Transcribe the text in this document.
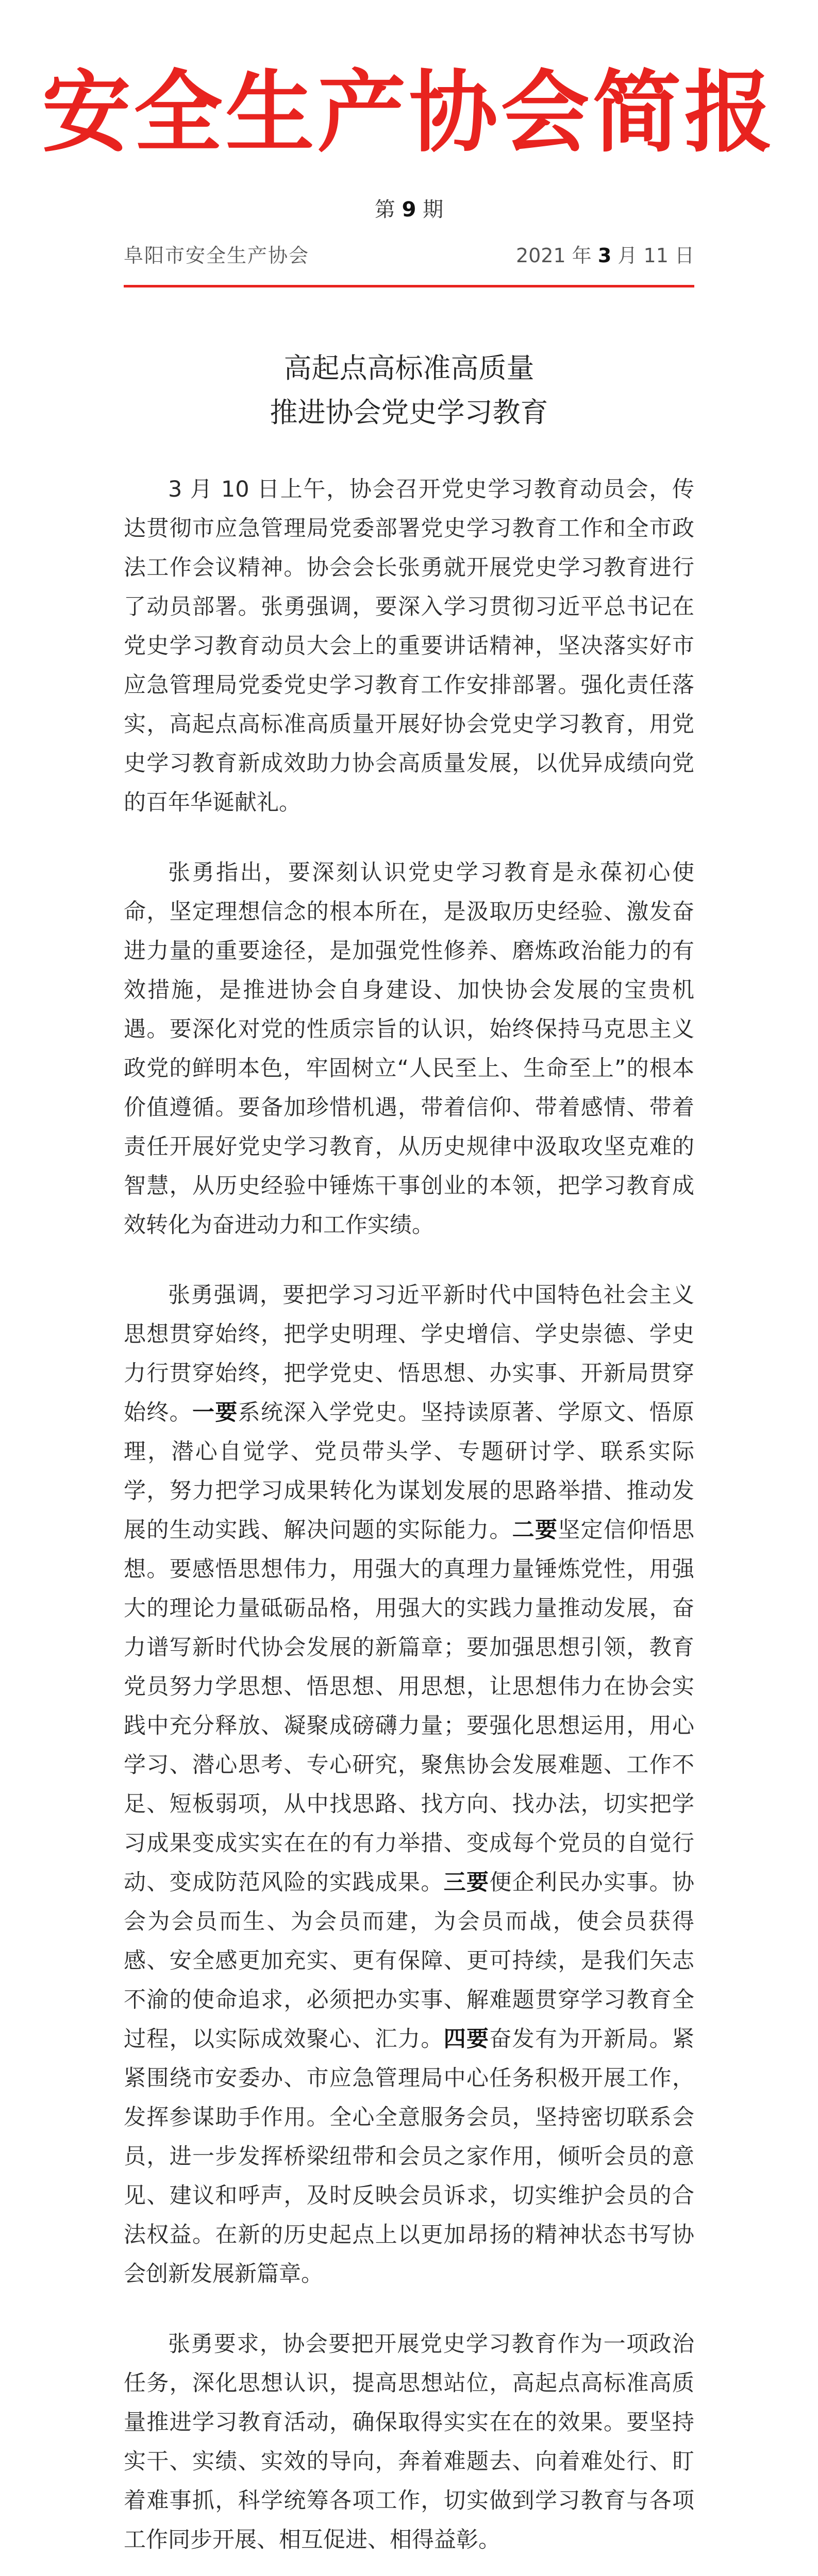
安全生产协会简报
第 9 期
阜阳市安全生产协会	2021 年 3 月 11 日
高起点高标准高质量
推进协会党史学习教育

3 月 10 日上午，协会召开党史学习教育动员会，传达贯彻市应急管理局党委部署党史学习教育工作和全市政法工作会议精神。协会会长张勇就开展党史学习教育进行了动员部署。张勇强调，要深入学习贯彻习近平总书记在党史学习教育动员大会上的重要讲话精神，坚决落实好市应急管理局党委党史学习教育工作安排部署。强化责任落实，高起点高标准高质量开展好协会党史学习教育，用党史学习教育新成效助力协会高质量发展，以优异成绩向党的百年华诞献礼。

张勇指出，要深刻认识党史学习教育是永葆初心使命，坚定理想信念的根本所在，是汲取历史经验、激发奋进力量的重要途径，是加强党性修养、磨炼政治能力的有效措施，是推进协会自身建设、加快协会发展的宝贵机遇。要深化对党的性质宗旨的认识，始终保持马克思主义政党的鲜明本色，牢固树立“人民至上、生命至上”的根本价值遵循。要备加珍惜机遇，带着信仰、带着感情、带着责任开展好党史学习教育，从历史规律中汲取攻坚克难的智慧，从历史经验中锤炼干事创业的本领，把学习教育成效转化为奋进动力和工作实绩。

张勇强调，要把学习习近平新时代中国特色社会主义思想贯穿始终，把学史明理、学史增信、学史崇德、学史力行贯穿始终，把学党史、悟思想、办实事、开新局贯穿始终。一要系统深入学党史。坚持读原著、学原文、悟原理，潜心自觉学、党员带头学、专题研讨学、联系实际学，努力把学习成果转化为谋划发展的思路举措、推动发展的生动实践、解决问题的实际能力。二要坚定信仰悟思想。要感悟思想伟力，用强大的真理力量锤炼党性，用强大的理论力量砥砺品格，用强大的实践力量推动发展，奋力谱写新时代协会发展的新篇章；要加强思想引领，教育党员努力学思想、悟思想、用思想，让思想伟力在协会实践中充分释放、凝聚成磅礴力量；要强化思想运用，用心学习、潜心思考、专心研究，聚焦协会发展难题、工作不足、短板弱项，从中找思路、找方向、找办法，切实把学习成果变成实实在在的有力举措、变成每个党员的自觉行动、变成防范风险的实践成果。三要便企利民办实事。协会为会员而生、为会员而建，为会员而战，使会员获得感、安全感更加充实、更有保障、更可持续，是我们矢志不渝的使命追求，必须把办实事、解难题贯穿学习教育全过程，以实际成效聚心、汇力。四要奋发有为开新局。紧紧围绕市安委办、市应急管理局中心任务积极开展工作，发挥参谋助手作用。全心全意服务会员，坚持密切联系会员，进一步发挥桥梁纽带和会员之家作用，倾听会员的意见、建议和呼声，及时反映会员诉求，切实维护会员的合法权益。在新的历史起点上以更加昂扬的精神状态书写协会创新发展新篇章。

张勇要求，协会要把开展党史学习教育作为一项政治任务，深化思想认识，提高思想站位，高起点高标准高质量推进学习教育活动，确保取得实实在在的效果。要坚持实干、实绩、实效的导向，奔着难题去、向着难处行、盯着难事抓，科学统筹各项工作，切实做到学习教育与各项工作同步开展、相互促进、相得益彰。
